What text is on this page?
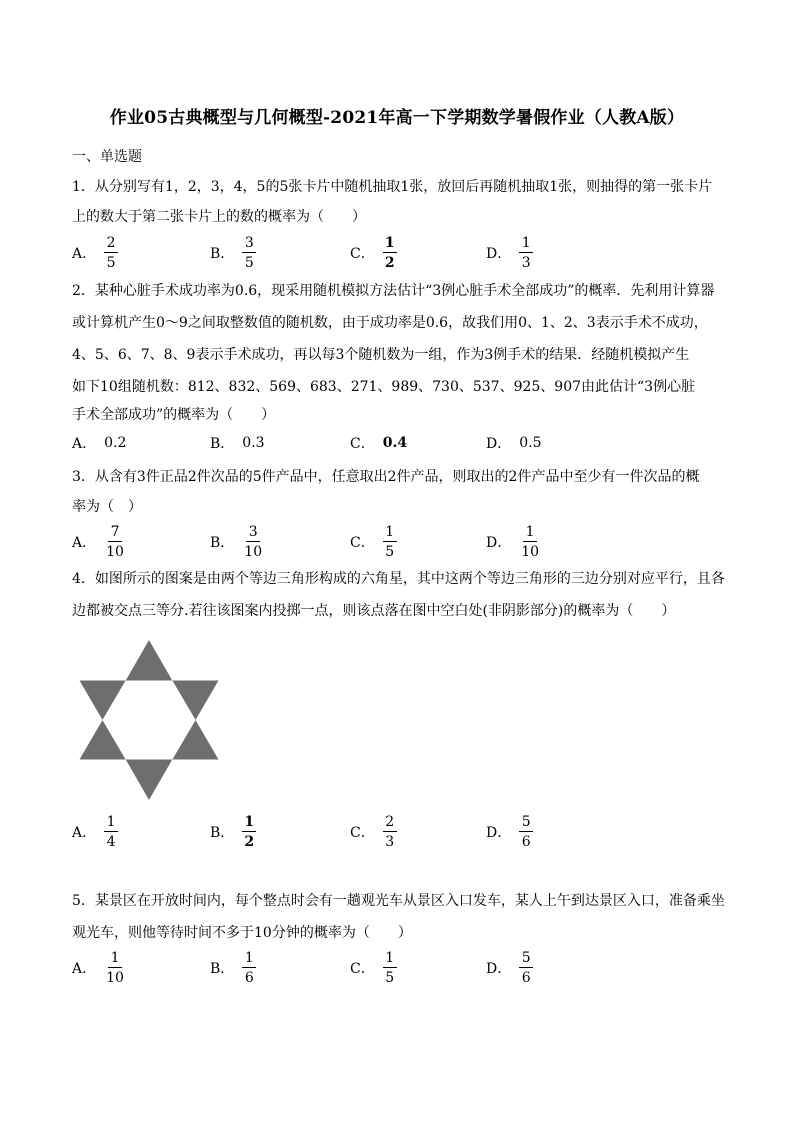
作业05古典概型与几何概型-2021年高一下学期数学暑假作业（人教A版）
一、单选题
1．从分别写有1，2，3，4，5的5张卡片中随机抽取1张，放回后再随机抽取1张，则抽得的第一张卡片
上的数大于第二张卡片上的数的概率为（　　）
A． $\frac{2}{5}$	B． $\frac{3}{5}$	C． $\frac{1}{2}$	D． $\frac{1}{3}$
2．某种心脏手术成功率为0.6，现采用随机模拟方法估计“3例心脏手术全部成功”的概率．先利用计算器
或计算机产生0～9之间取整数值的随机数，由于成功率是0.6，故我们用0、1、2、3表示手术不成功，
4、5、6、7、8、9表示手术成功，再以每3个随机数为一组，作为3例手术的结果．经随机模拟产生
如下10组随机数：812、832、569、683、271、989、730、537、925、907由此估计“3例心脏
手术全部成功”的概率为（　　）
A． 0.2	B． 0.3	C． 0.4	D． 0.5
3．从含有3件正品2件次品的5件产品中，任意取出2件产品，则取出的2件产品中至少有一件次品的概
率为（　）
A． $\frac{7}{10}$	B． $\frac{3}{10}$	C． $\frac{1}{5}$	D． $\frac{1}{10}$
4．如图所示的图案是由两个等边三角形构成的六角星，其中这两个等边三角形的三边分别对应平行，且各
边都被交点三等分.若往该图案内投掷一点，则该点落在图中空白处(非阴影部分)的概率为（　　）
A． $\frac{1}{4}$	B． $\frac{1}{2}$	C． $\frac{2}{3}$	D． $\frac{5}{6}$
5．某景区在开放时间内，每个整点时会有一趟观光车从景区入口发车，某人上午到达景区入口，准备乘坐
观光车，则他等待时间不多于10分钟的概率为（　　）
A． $\frac{1}{10}$	B． $\frac{1}{6}$	C． $\frac{1}{5}$	D． $\frac{5}{6}$
